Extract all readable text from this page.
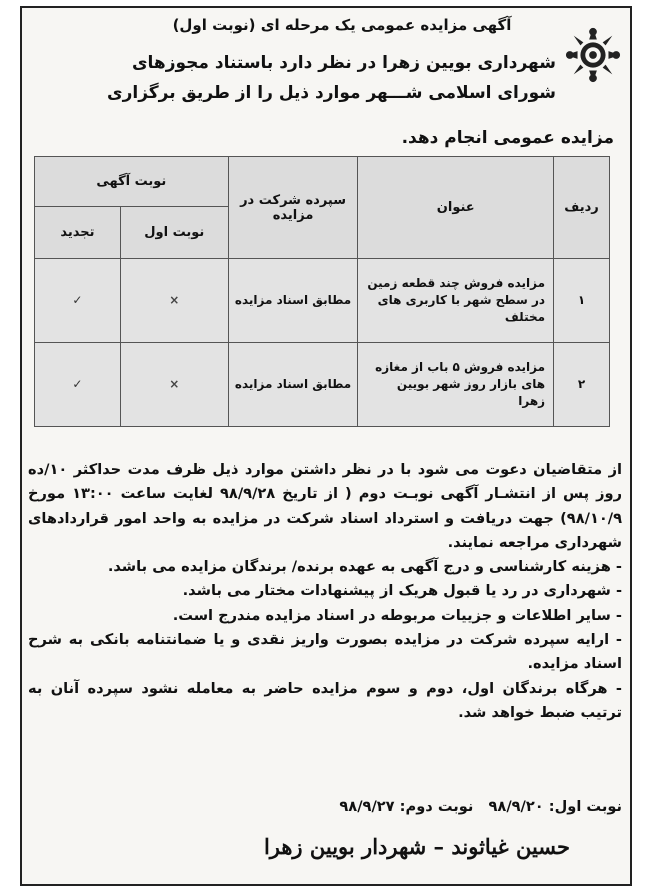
آگهی مزایده عمومی یک مرحله ای (نوبت اول)
شهرداری بویین زهرا در نظر دارد باستناد مجوزهای
شورای اسلامی شـــهر موارد ذیل را از طریق برگزاری
مزایده عمومی انجام دهد.
ردیف	عنوان	سپرده شرکت در مزایده	نوبت آگهی	
			نوبت اول	تجدید
۱	مزایده فروش چند قطعه زمین در سطح شهر با کاربری های مختلف	مطابق اسناد مزایده	×	✓
۲	مزایده فروش ۵ باب از مغازه های بازار روز شهر بویین زهرا	مطابق اسناد مزایده	×	✓

از متقاضیان دعوت می شود با در نظر داشتن موارد ذیل ظرف مدت حداکثر ۱۰/ده روز پس از انتشـار آگهی نوبـت دوم ( از تاریخ ۹۸/۹/۲۸ لغایت ساعت ۱۳:۰۰ مورخ ۹۸/۱۰/۹) جهت دریافت و استرداد اسناد شرکت در مزایده به واحد امور قراردادهای شهرداری مراجعه نمایند.

- هزینه کارشناسی و درج آگهی به عهده برنده/ برندگان مزایده می باشد.

- شهرداری در رد یا قبول هریک از پیشنهادات مختار می باشد.

- سایر اطلاعات و جزییات مربوطه در اسناد مزایده مندرج است.

- ارایه سپرده شرکت در مزایده بصورت واریز نقدی و یا ضمانتنامه بانکی به شرح اسناد مزایده.

- هرگاه برندگان اول، دوم و سوم مزایده حاضر به معامله نشود سپرده آنان به ترتیب ضبط خواهد شد.

نوبت اول: ۹۸/۹/۲۰ نوبت دوم: ۹۸/۹/۲۷
حسین غیاثوند – شهردار بویین زهرا
